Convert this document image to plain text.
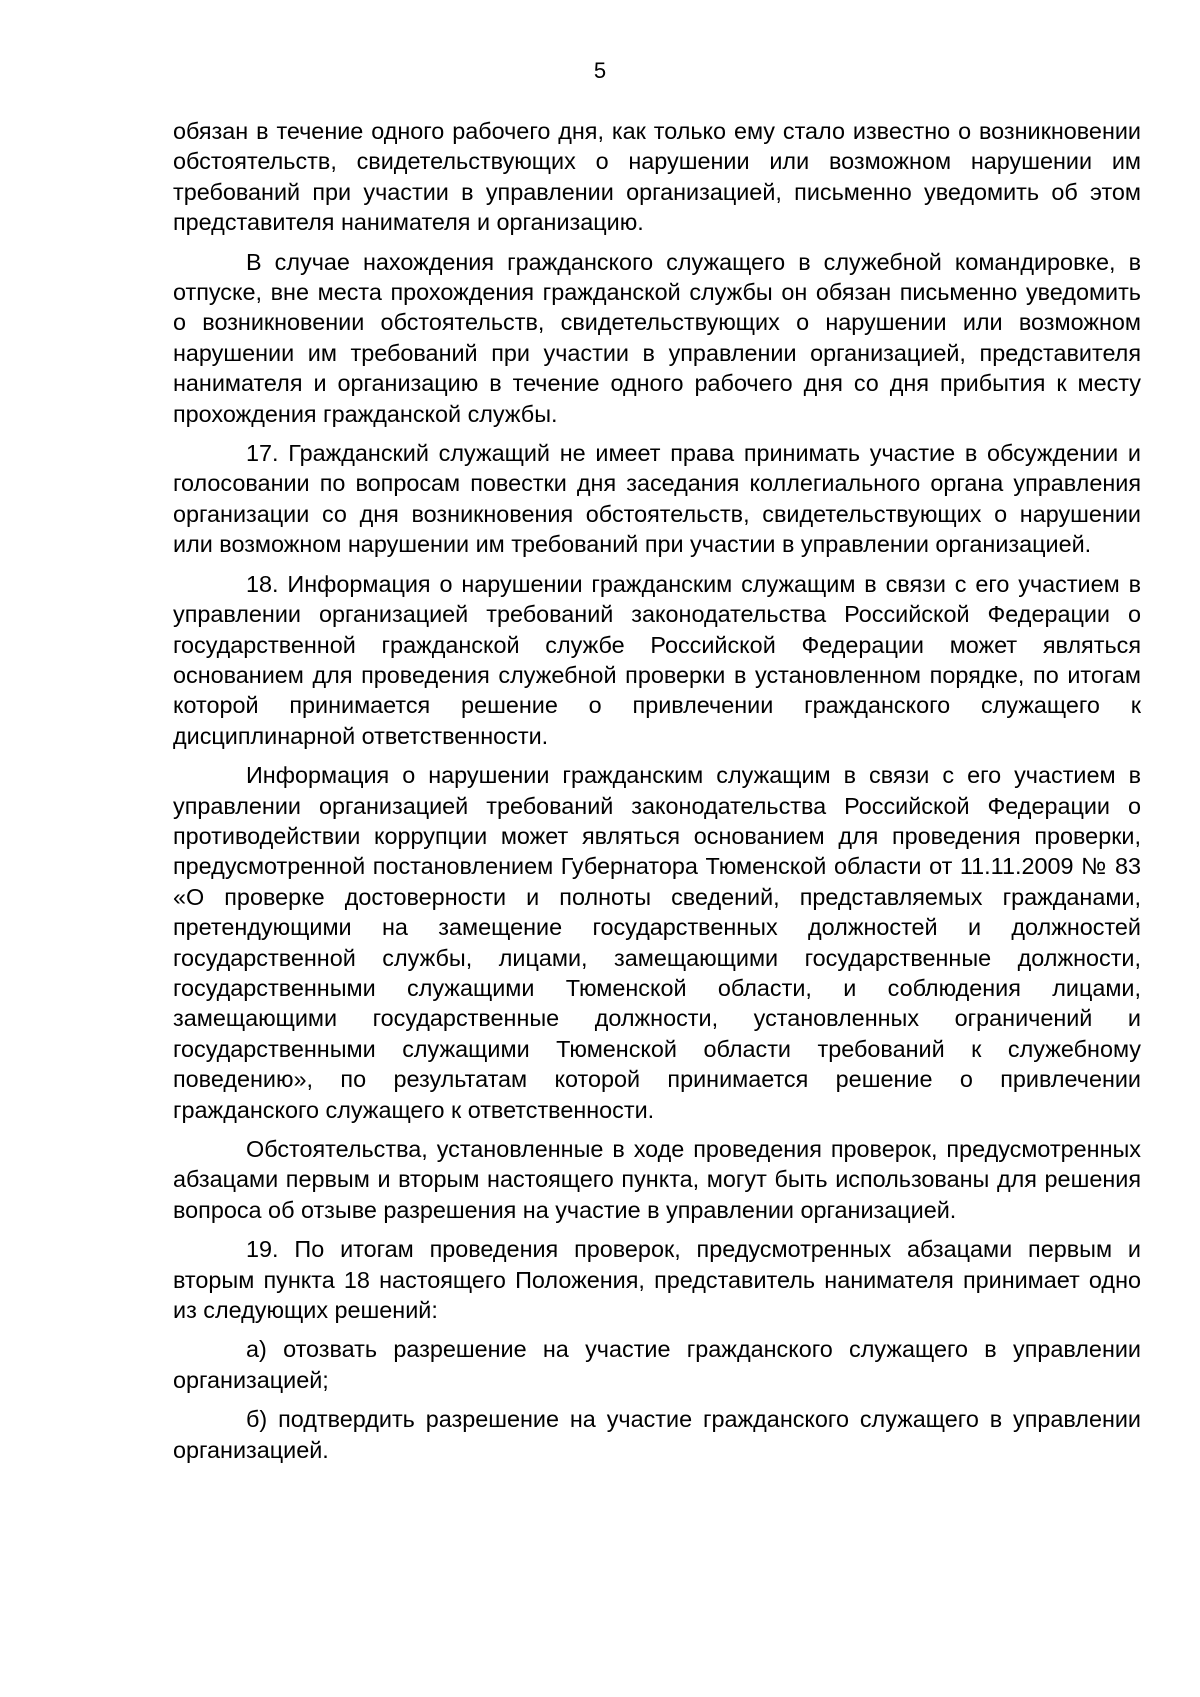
5

обязан в течение одного рабочего дня, как только ему стало известно о возникновении обстоятельств, свидетельствующих о нарушении или возможном нарушении им требований при участии в управлении организацией, письменно уведомить об этом представителя нанимателя и организацию.

В случае нахождения гражданского служащего в служебной командировке, в отпуске, вне места прохождения гражданской службы он обязан письменно уведомить о возникновении обстоятельств, свидетельствующих о нарушении или возможном нарушении им требований при участии в управлении организацией, представителя нанимателя и организацию в течение одного рабочего дня со дня прибытия к месту прохождения гражданской службы.

17. Гражданский служащий не имеет права принимать участие в обсуждении и голосовании по вопросам повестки дня заседания коллегиального органа управления организации со дня возникновения обстоятельств, свидетельствующих о нарушении или возможном нарушении им требований при участии в управлении организацией.

18. Информация о нарушении гражданским служащим в связи с его участием в управлении организацией требований законодательства Российской Федерации о государственной гражданской службе Российской Федерации может являться основанием для проведения служебной проверки в установленном порядке, по итогам которой принимается решение о привлечении гражданского служащего к дисциплинарной ответственности.

Информация о нарушении гражданским служащим в связи с его участием в управлении организацией требований законодательства Российской Федерации о противодействии коррупции может являться основанием для проведения проверки, предусмотренной постановлением Губернатора Тюменской области от 11.11.2009 № 83 «О проверке достоверности и полноты сведений, представляемых гражданами, претендующими на замещение государственных должностей и должностей государственной службы, лицами, замещающими государственные должности, государственными служащими Тюменской области, и соблюдения лицами, замещающими государственные должности, установленных ограничений и государственными служащими Тюменской области требований к служебному поведению», по результатам которой принимается решение о привлечении гражданского служащего к ответственности.

Обстоятельства, установленные в ходе проведения проверок, предусмотренных абзацами первым и вторым настоящего пункта, могут быть использованы для решения вопроса об отзыве разрешения на участие в управлении организацией.

19. По итогам проведения проверок, предусмотренных абзацами первым и вторым пункта 18 настоящего Положения, представитель нанимателя принимает одно из следующих решений:

а) отозвать разрешение на участие гражданского служащего в управлении организацией;

б) подтвердить разрешение на участие гражданского служащего в управлении организацией.
